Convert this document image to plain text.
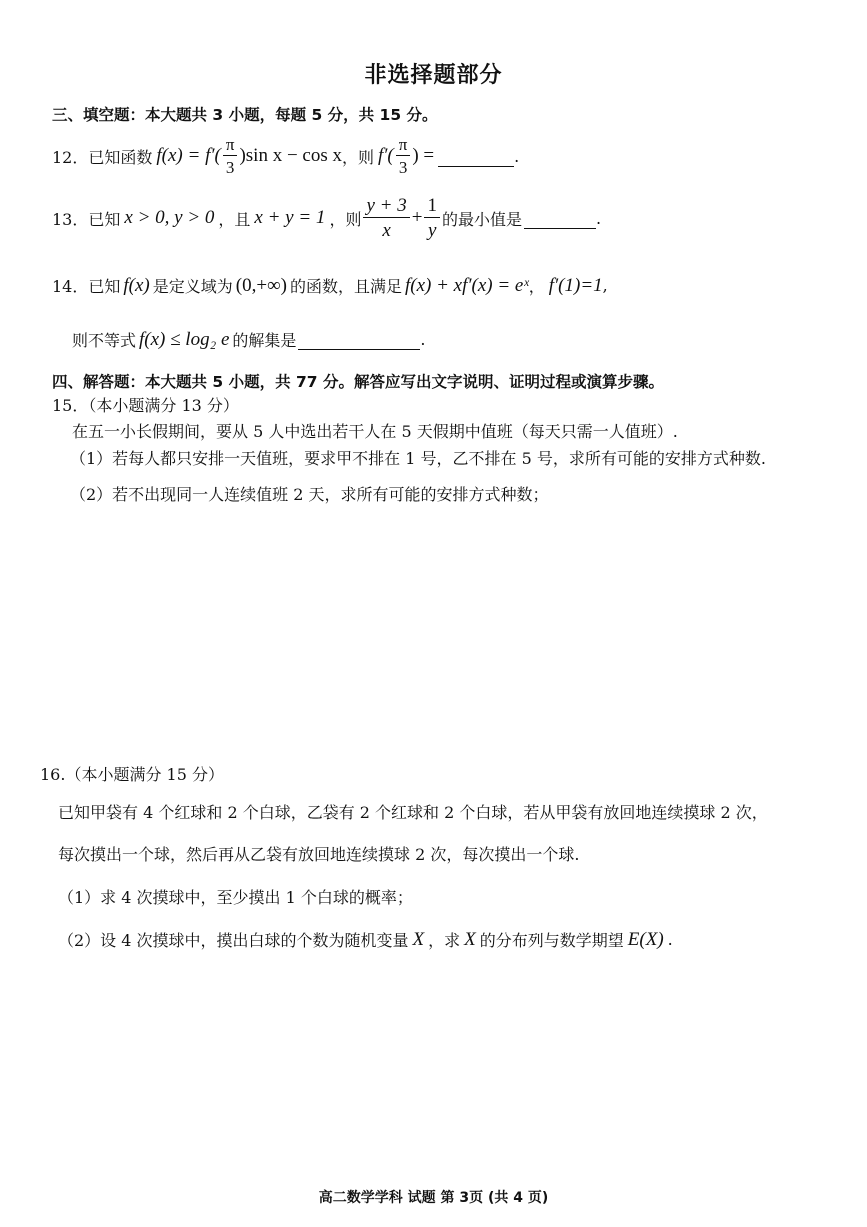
非选择题部分
三、填空题：本大题共 3 小题，每题 5 分，共 15 分。
12． 已知函数 $f(x) = f'( \frac{\pi}{3} )\sin$ x − cos x ，则 $f'( \frac{\pi}{3}$ ) =	.
13． 已知 x > 0, y > 0 ，且 x + y = 1 ，则 $\frac{y + 3}{x} + \frac{1}{y}$ 的最小值是	.
14． 已知 f(x) 是定义域为 (0,+∞) 的函数，且满足 f(x) + xf′(x) = eˣ ， f′(1)=1 ,
则不等式 f(x) ≤ log₂ e 的解集是	.
四、解答题：本大题共 5 小题，共 77 分。解答应写出文字说明、证明过程或演算步骤。
15．（本小题满分 13 分）
在五一小长假期间，要从 5 人中选出若干人在 5 天假期中值班（每天只需一人值班）.
（1）若每人都只安排一天值班，要求甲不排在 1 号，乙不排在 5 号，求所有可能的安排方式种数.
（2）若不出现同一人连续值班 2 天，求所有可能的安排方式种数；
16.（本小题满分 15 分）
已知甲袋有 4 个红球和 2 个白球，乙袋有 2 个红球和 2 个白球，若从甲袋有放回地连续摸球 2 次，
每次摸出一个球，然后再从乙袋有放回地连续摸球 2 次，每次摸出一个球.
（1）求 4 次摸球中，至少摸出 1 个白球的概率；
（2）设 4 次摸球中，摸出白球的个数为随机变量 X ，求 X 的分布列与数学期望 E(X) .
高二数学学科 试题 第 3页 (共 4 页)
